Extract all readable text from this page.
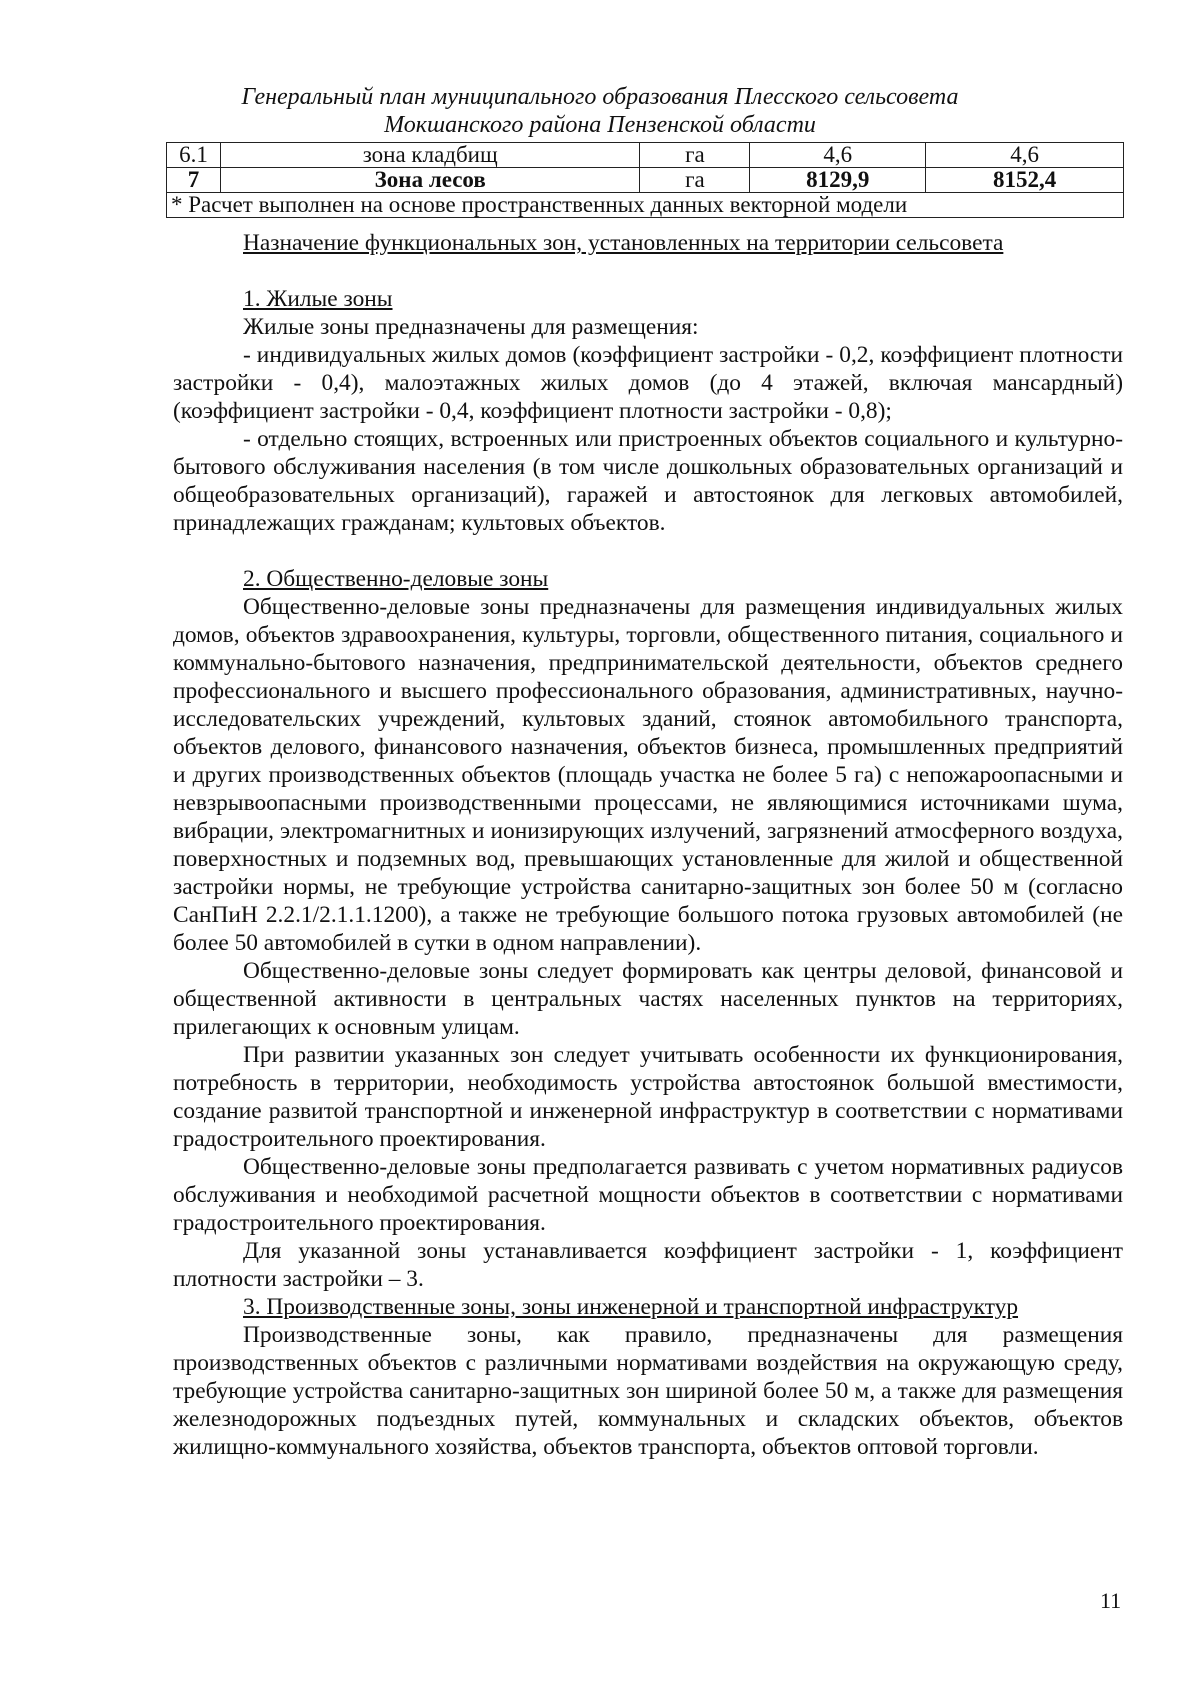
Генеральный план муниципального образования Плесского сельсовета
Мокшанского района Пензенской области
6.1	зона кладбищ	га	4,6	4,6
7	Зона лесов	га	8129,9	8152,4
* Расчет выполнен на основе пространственных данных векторной модели				

Назначение функциональных зон, установленных на территории сельсовета

1. Жилые зоны

Жилые зоны предназначены для размещения:

- индивидуальных жилых домов (коэффициент застройки - 0,2, коэффициент плотности застройки - 0,4), малоэтажных жилых домов (до 4 этажей, включая мансардный) (коэффициент застройки - 0,4, коэффициент плотности застройки - 0,8);

- отдельно стоящих, встроенных или пристроенных объектов социального и культурно-бытового обслуживания населения (в том числе дошкольных образовательных организаций и общеобразовательных организаций), гаражей и автостоянок для легковых автомобилей, принадлежащих гражданам; культовых объектов.

2. Общественно-деловые зоны

Общественно-деловые зоны предназначены для размещения индивидуальных жилых домов, объектов здравоохранения, культуры, торговли, общественного питания, социального и коммунально-бытового назначения, предпринимательской деятельности, объектов среднего профессионального и высшего профессионального образования, административных, научно-исследовательских учреждений, культовых зданий, стоянок автомобильного транспорта, объектов делового, финансового назначения, объектов бизнеса, промышленных предприятий и других производственных объектов (площадь участка не более 5 га) с непожароопасными и невзрывоопасными производственными процессами, не являющимися источниками шума, вибрации, электромагнитных и ионизирующих излучений, загрязнений атмосферного воздуха, поверхностных и подземных вод, превышающих установленные для жилой и общественной застройки нормы, не требующие устройства санитарно-защитных зон более 50 м (согласно СанПиН 2.2.1/2.1.1.1200), а также не требующие большого потока грузовых автомобилей (не более 50 автомобилей в сутки в одном направлении).

Общественно-деловые зоны следует формировать как центры деловой, финансовой и общественной активности в центральных частях населенных пунктов на территориях, прилегающих к основным улицам.

При развитии указанных зон следует учитывать особенности их функционирования, потребность в территории, необходимость устройства автостоянок большой вместимости, создание развитой транспортной и инженерной инфраструктур в соответствии с нормативами градостроительного проектирования.

Общественно-деловые зоны предполагается развивать с учетом нормативных радиусов обслуживания и необходимой расчетной мощности объектов в соответствии с нормативами градостроительного проектирования.

Для указанной зоны устанавливается коэффициент застройки - 1, коэффициент плотности застройки – 3.

3. Производственные зоны, зоны инженерной и транспортной инфраструктур

Производственные зоны, как правило, предназначены для размещения производственных объектов с различными нормативами воздействия на окружающую среду, требующие устройства санитарно-защитных зон шириной более 50 м, а также для размещения железнодорожных подъездных путей, коммунальных и складских объектов, объектов жилищно-коммунального хозяйства, объектов транспорта, объектов оптовой торговли.

11
